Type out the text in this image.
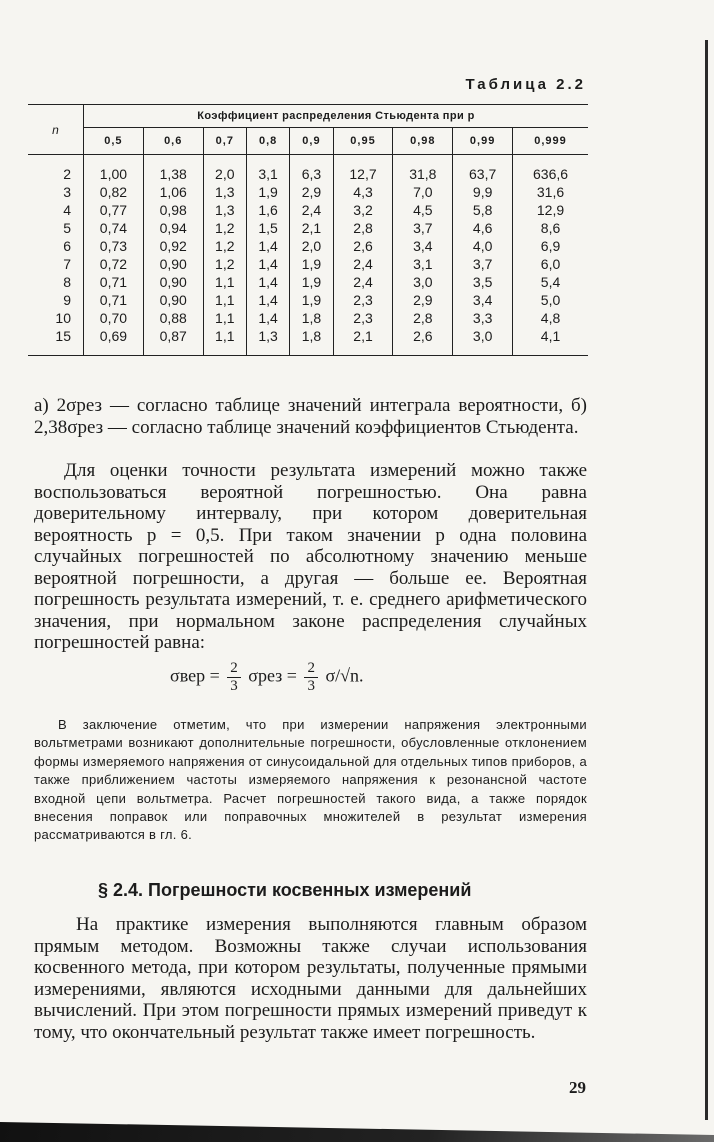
Таблица 2.2
n	Коэффициент распределения Стьюдента при p								
	0,5	0,6	0,7	0,8	0,9	0,95	0,98	0,99	0,999
2	1,00	1,38	2,0	3,1	6,3	12,7	31,8	63,7	636,6
3	0,82	1,06	1,3	1,9	2,9	4,3	7,0	9,9	31,6
4	0,77	0,98	1,3	1,6	2,4	3,2	4,5	5,8	12,9
5	0,74	0,94	1,2	1,5	2,1	2,8	3,7	4,6	8,6
6	0,73	0,92	1,2	1,4	2,0	2,6	3,4	4,0	6,9
7	0,72	0,90	1,2	1,4	1,9	2,4	3,1	3,7	6,0
8	0,71	0,90	1,1	1,4	1,9	2,4	3,0	3,5	5,4
9	0,71	0,90	1,1	1,4	1,9	2,3	2,9	3,4	5,0
10	0,70	0,88	1,1	1,4	1,8	2,3	2,8	3,3	4,8
15	0,69	0,87	1,1	1,3	1,8	2,1	2,6	3,0	4,1
а) 2σрез — согласно таблице значений интеграла вероятности, б) 2,38σрез — согласно таблице значений коэффициентов Стьюдента.
Для оценки точности результата измерений можно также воспользоваться вероятной погрешностью. Она равна доверительному интервалу, при котором доверительная вероятность p = 0,5. При таком значении p одна половина случайных погрешностей по абсолютному значению меньше вероятной погрешности, а другая — больше ее. Вероятная погрешность результата измерений, т. е. среднего арифметического значения, при нормальном законе распределения случайных погрешностей равна:
$\sigma вер = \frac{2}{3}$ $\sigma рез = \frac{2}{3} \sigma/√n$.
В заключение отметим, что при измерении напряжения электронными вольтметрами возникают дополнительные погрешности, обусловленные отклонением формы измеряемого напряжения от синусоидальной для отдельных типов приборов, а также приближением частоты измеряемого напряжения к резонансной частоте входной цепи вольтметра. Расчет погрешностей такого вида, а также порядок внесения поправок или поправочных множителей в результат измерения рассматриваются в гл. 6.
§ 2.4. Погрешности косвенных измерений
На практике измерения выполняются главным образом прямым методом. Возможны также случаи использования косвенного метода, при котором результаты, полученные прямыми измерениями, являются исходными данными для дальнейших вычислений. При этом погрешности прямых измерений приведут к тому, что окончательный результат также имеет погрешность.
29
